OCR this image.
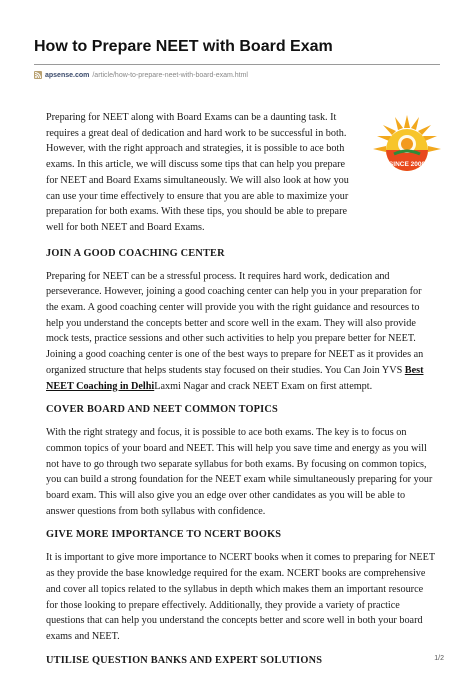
How to Prepare NEET with Board Exam
apsense.com /article/how-to-prepare-neet-with-board-exam.html
SINCE 2000

Preparing for NEET along with Board Exams can be a daunting task. It requires a great deal of dedication and hard work to be successful in both. However, with the right approach and strategies, it is possible to ace both exams. In this article, we will discuss some tips that can help you prepare for NEET and Board Exams simultaneously. We will also look at how you can use your time effectively to ensure that you are able to maximize your preparation for both exams. With these tips, you should be able to prepare well for both NEET and Board Exams.

JOIN A GOOD COACHING CENTER

Preparing for NEET can be a stressful process. It requires hard work, dedication and perseverance. However, joining a good coaching center can help you in your preparation for the exam. A good coaching center will provide you with the right guidance and resources to help you understand the concepts better and score well in the exam. They will also provide mock tests, practice sessions and other such activities to help you prepare better for NEET. Joining a good coaching center is one of the best ways to prepare for NEET as it provides an organized structure that helps students stay focused on their studies. You Can Join YVS Best NEET Coaching in DelhiLaxmi Nagar and crack NEET Exam on first attempt.

COVER BOARD AND NEET COMMON TOPICS

With the right strategy and focus, it is possible to ace both exams. The key is to focus on common topics of your board and NEET. This will help you save time and energy as you will not have to go through two separate syllabus for both exams. By focusing on common topics, you can build a strong foundation for the NEET exam while simultaneously preparing for your board exam. This will also give you an edge over other candidates as you will be able to answer questions from both syllabus with confidence.

GIVE MORE IMPORTANCE TO NCERT BOOKS

It is important to give more importance to NCERT books when it comes to preparing for NEET as they provide the base knowledge required for the exam. NCERT books are comprehensive and cover all topics related to the syllabus in depth which makes them an important resource for those looking to prepare effectively. Additionally, they provide a variety of practice questions that can help you understand the concepts better and score well in both your board exams and NEET.

UTILISE QUESTION BANKS AND EXPERT SOLUTIONS	1/2
